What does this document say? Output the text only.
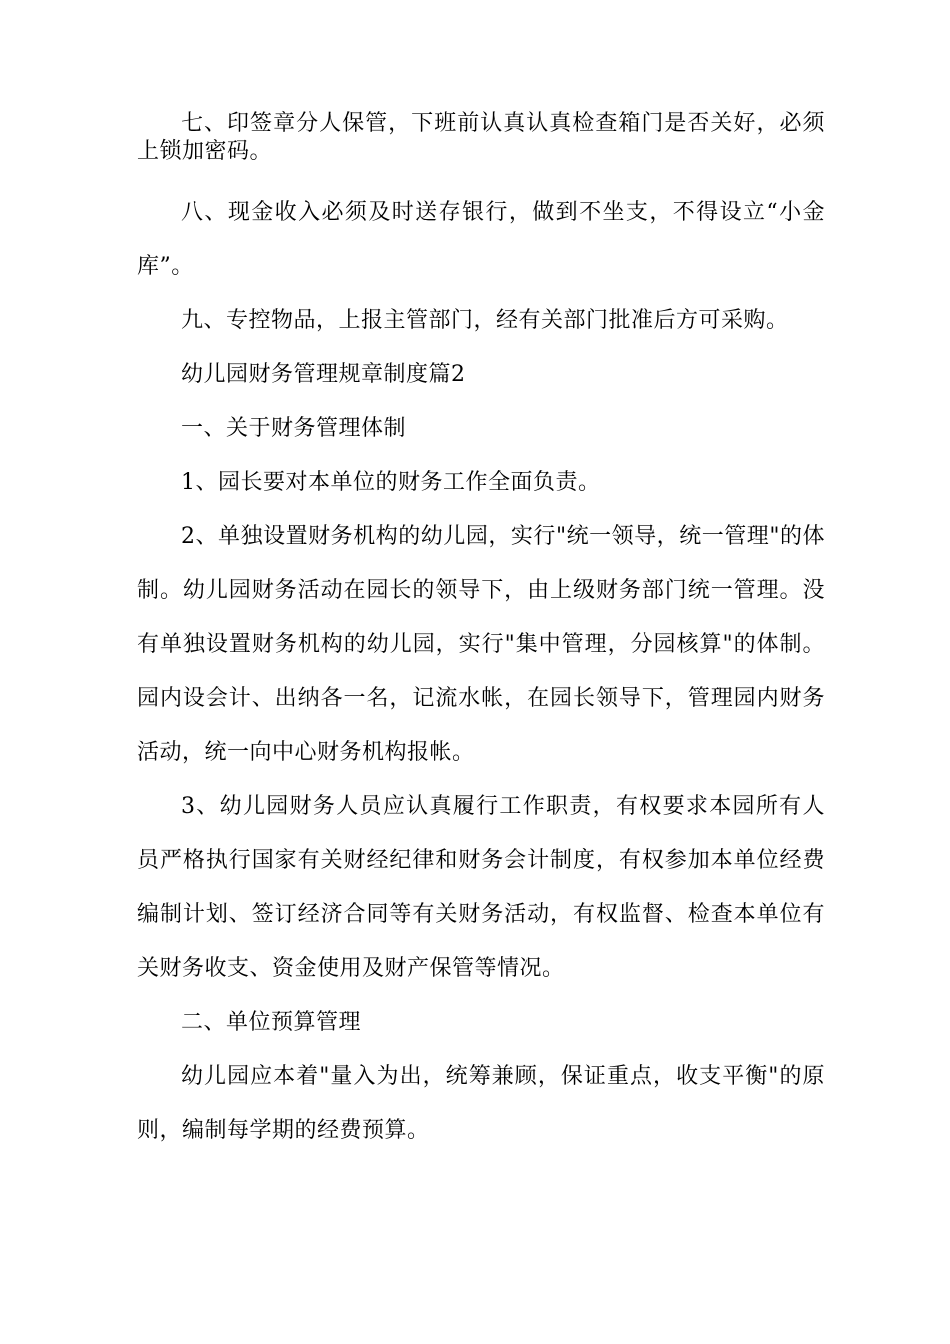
七、印签章分人保管，下班前认真认真检查箱门是否关好，必须上锁加密码。

八、现金收入必须及时送存银行，做到不坐支，不得设立“小金库”。

九、专控物品，上报主管部门，经有关部门批准后方可采购。

幼儿园财务管理规章制度篇2

一、关于财务管理体制

1、园长要对本单位的财务工作全面负责。

2、单独设置财务机构的幼儿园，实行"统一领导，统一管理"的体制。幼儿园财务活动在园长的领导下，由上级财务部门统一管理。没有单独设置财务机构的幼儿园，实行"集中管理，分园核算"的体制。园内设会计、出纳各一名，记流水帐，在园长领导下，管理园内财务活动，统一向中心财务机构报帐。

3、幼儿园财务人员应认真履行工作职责，有权要求本园所有人员严格执行国家有关财经纪律和财务会计制度，有权参加本单位经费编制计划、签订经济合同等有关财务活动，有权监督、检查本单位有关财务收支、资金使用及财产保管等情况。

二、单位预算管理

幼儿园应本着"量入为出，统筹兼顾，保证重点，收支平衡"的原则，编制每学期的经费预算。
